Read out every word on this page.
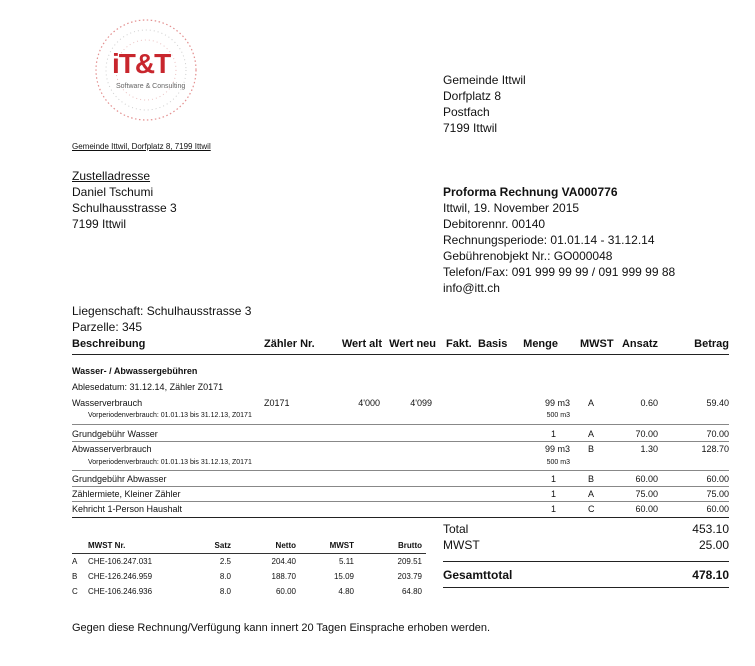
iT&T
Software & Consulting	Gemeinde Ittwil
Dorfplatz 8
Postfach
7199 Ittwil
Gemeinde Ittwil, Dorfplatz 8, 7199 Ittwil
Zustelladresse
Daniel Tschumi
Schulhausstrasse 3
7199 Ittwil
Proforma Rechnung VA000776
Ittwil, 19. November 2015
Debitorennr. 00140
Rechnungsperiode: 01.01.14 - 31.12.14
Gebührenobjekt Nr.: GO000048
Telefon/Fax: 091 999 99 99 / 091 999 99 88
info@itt.ch
Liegenschaft: Schulhausstrasse 3
Parzelle: 345
Beschreibung	Zähler Nr.	Wert alt Wert neu Fakt. Basis	Menge MWST Ansatz	Betrag
Wasser- / Abwassergebühren
Ablesedatum: 31.12.14, Zähler Z0171
Wasserverbrauch	Z0171	4'000	4'099	99 m3 A	0.60	59.40
Vorperiodenverbrauch: 01.01.13 bis 31.12.13, Z0171	500 m3
Grundgebühr Wasser	1	A	70.00	70.00
Abwasserverbrauch	99 m3 B	1.30	128.70
Vorperiodenverbrauch: 01.01.13 bis 31.12.13, Z0171	500 m3
Grundgebühr Abwasser	1	B	60.00	60.00
Zählermiete, Kleiner Zähler	1	A	75.00	75.00
Kehricht 1-Person Haushalt	1	C	60.00	60.00
Total	453.10
MWST	25.00
Gesamttotal	478.10
MWST Nr.	Satz	Netto	MWST	Brutto
A CHE-106.247.031	2.5	204.40	5.11	209.51
B CHE-126.246.959	8.0	188.70	15.09	203.79
C CHE-106.246.936	8.0	60.00	4.80	64.80
Gegen diese Rechnung/Verfügung kann innert 20 Tagen Einsprache erhoben werden.
